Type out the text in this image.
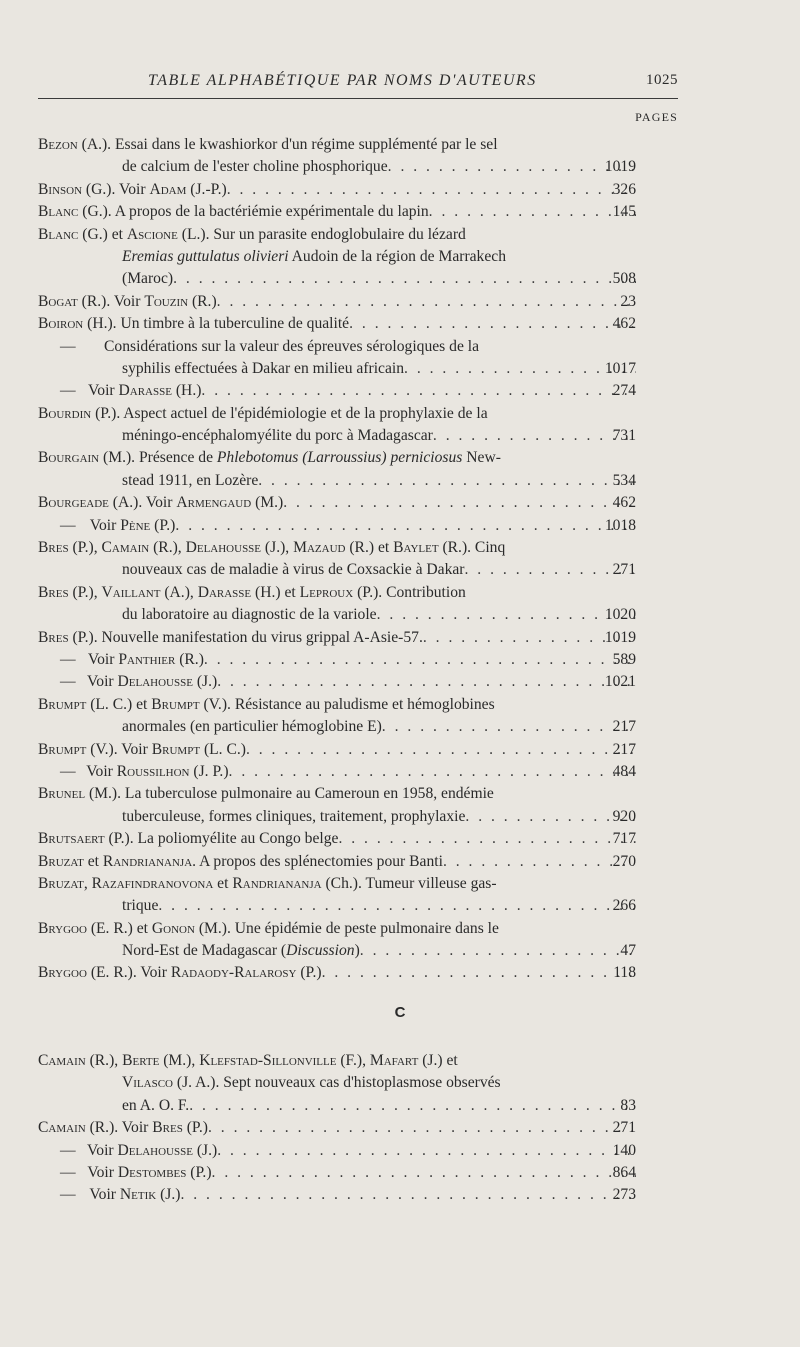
TABLE ALPHABÉTIQUE PAR NOMS D'AUTEURS	1025
PAGES
Bezon (A.). Essai dans le kwashiorkor d'un régime supplémenté par le sel
de calcium de l'ester choline phosphorique . . .	1019
Binson (G.). Voir Adam (J.-P.) . . .	326
Blanc (G.). A propos de la bactériémie expérimentale du lapin . . .	145
Blanc (G.) et Ascione (L.). Sur un parasite endoglobulaire du lézard
Eremias guttulatus olivieri Audoin de la région de Marrakech
(Maroc) . . .	508
Bogat (R.). Voir Touzin (R.) . . .	23
Boiron (H.). Un timbre à la tuberculine de qualité . . .	462
— Considérations sur la valeur des épreuves sérologiques de la
syphilis effectuées à Dakar en milieu africain . . .	1017
— Voir Darasse (H.) . . .	274
Bourdin (P.). Aspect actuel de l'épidémiologie et de la prophylaxie de la
méningo-encéphalomyélite du porc à Madagascar . . .	731
Bourgain (M.). Présence de Phlebotomus (Larroussius) perniciosus New-
stead 1911, en Lozère . . .	534
Bourgeade (A.). Voir Armengaud (M.) . . .	462
— Voir Pène (P.) . . .	1018
Bres (P.), Camain (R.), Delahousse (J.), Mazaud (R.) et Baylet (R.). Cinq
nouveaux cas de maladie à virus de Coxsackie à Dakar . . .	271
Bres (P.), Vaillant (A.), Darasse (H.) et Leproux (P.). Contribution
du laboratoire au diagnostic de la variole . . .	1020
Bres (P.). Nouvelle manifestation du virus grippal A-Asie-57. . . .	1019
— Voir Panthier (R.) . . .	589
— Voir Delahousse (J.) . . .	1021
Brumpt (L. C.) et Brumpt (V.). Résistance au paludisme et hémoglobines
anormales (en particulier hémoglobine E) . . .	217
Brumpt (V.). Voir Brumpt (L. C.) . . .	217
— Voir Roussilhon (J. P.) . . .	484
Brunel (M.). La tuberculose pulmonaire au Cameroun en 1958, endémie
tuberculeuse, formes cliniques, traitement, prophylaxie . . .	920
Brutsaert (P.). La poliomyélite au Congo belge . . .	717
Bruzat et Randriananja. A propos des splénectomies pour Banti . . .	270
Bruzat, Razafindranovona et Randriananja (Ch.). Tumeur villeuse gas-
trique . . .	266
Brygoo (E. R.) et Gonon (M.). Une épidémie de peste pulmonaire dans le
Nord-Est de Madagascar (Discussion) . . .	47
Brygoo (E. R.). Voir Radaody-Ralarosy (P.) . . .	118
C
Camain (R.), Berte (M.), Klefstad-Sillonville (F.), Mafart (J.) et
Vilasco (J. A.). Sept nouveaux cas d'histoplasmose observés
en A. O. F. . . .	83
Camain (R.). Voir Bres (P.) . . .	271
— Voir Delahousse (J.) . . .	140
— Voir Destombes (P.) . . .	864
— Voir Netik (J.) . . .	273
